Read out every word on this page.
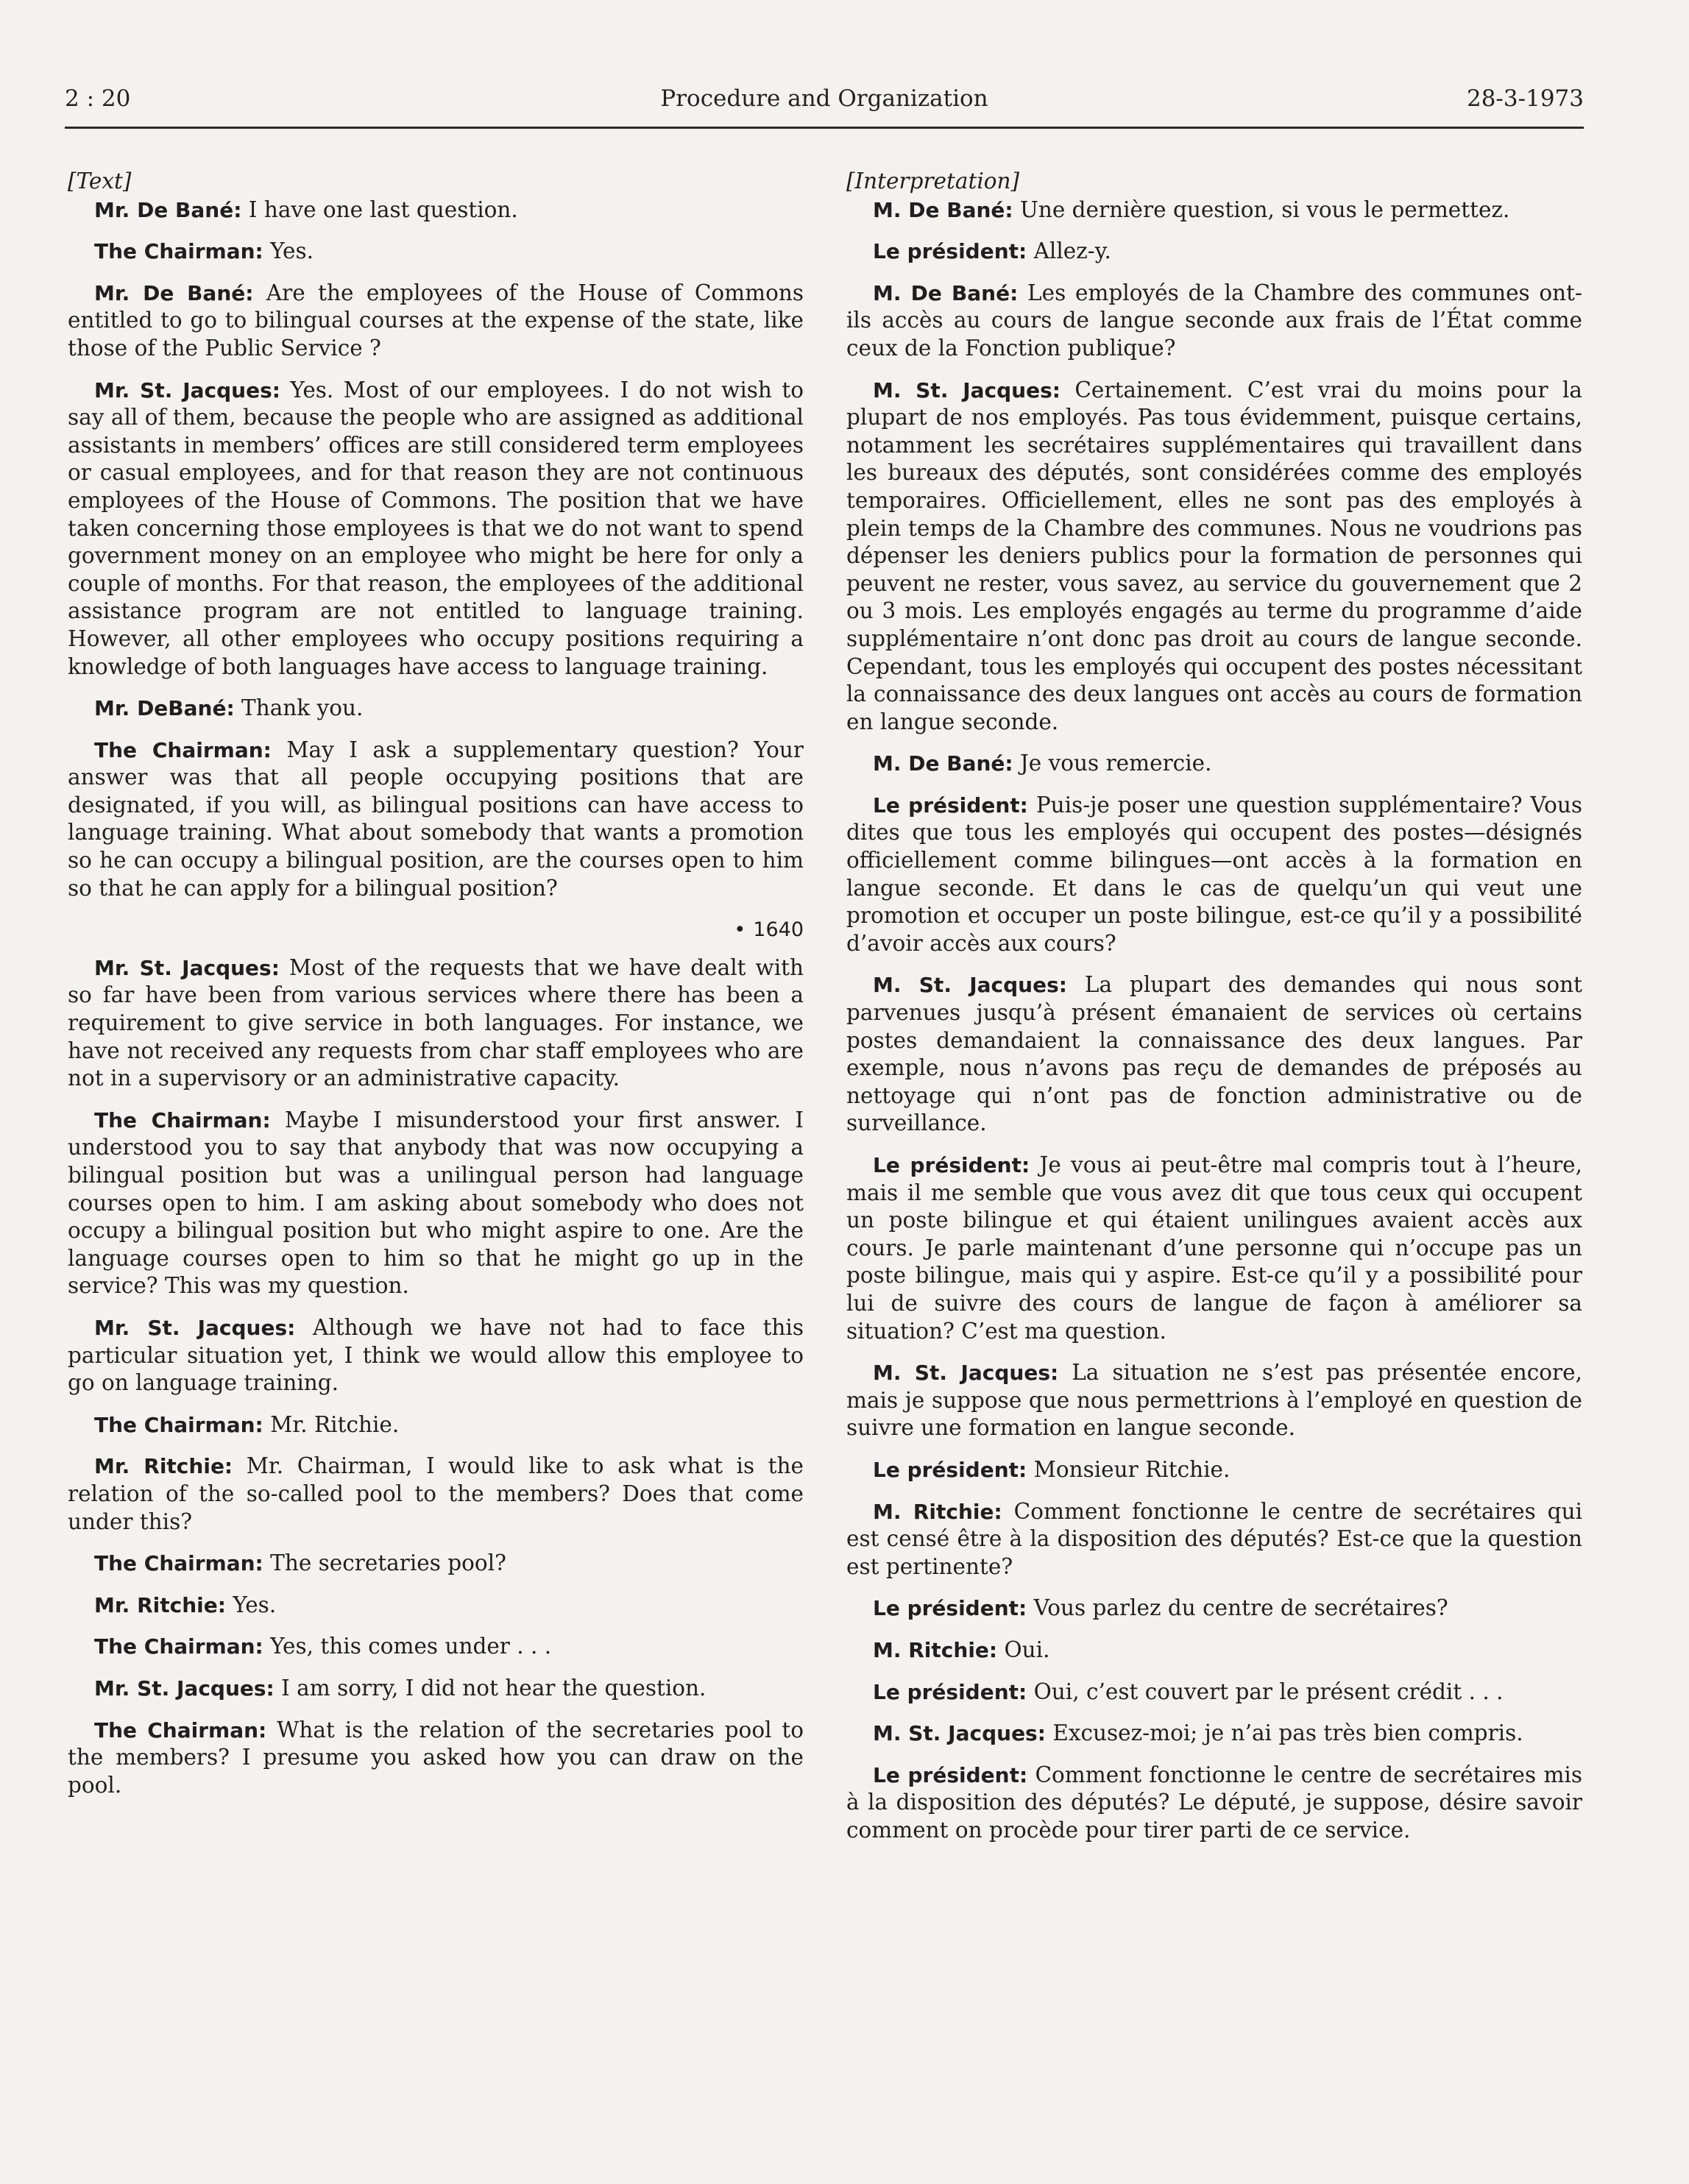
2 : 20	Procedure and Organization	28-3-1973
[Text]

Mr. De Bané: I have one last question.

The Chairman: Yes.

Mr. De Bané: Are the employees of the House of Commons entitled to go to bilingual courses at the expense of the state, like those of the Public Service ?

Mr. St. Jacques: Yes. Most of our employees. I do not wish to say all of them, because the people who are assigned as additional assistants in members’ offices are still considered term employees or casual employees, and for that reason they are not continuous employees of the House of Commons. The position that we have taken concerning those employees is that we do not want to spend government money on an employee who might be here for only a couple of months. For that reason, the employees of the additional assistance program are not entitled to language training. However, all other employees who occupy positions requiring a knowledge of both languages have access to language training.

Mr. DeBané: Thank you.

The Chairman: May I ask a supplementary question? Your answer was that all people occupying positions that are designated, if you will, as bilingual positions can have access to language training. What about somebody that wants a promotion so he can occupy a bilingual position, are the courses open to him so that he can apply for a bilingual position?

• 1640

Mr. St. Jacques: Most of the requests that we have dealt with so far have been from various services where there has been a requirement to give service in both languages. For instance, we have not received any requests from char staff employees who are not in a supervisory or an administrative capacity.

The Chairman: Maybe I misunderstood your first answer. I understood you to say that anybody that was now occupying a bilingual position but was a unilingual person had language courses open to him. I am asking about somebody who does not occupy a bilingual position but who might aspire to one. Are the language courses open to him so that he might go up in the service? This was my question.

Mr. St. Jacques: Although we have not had to face this particular situation yet, I think we would allow this employee to go on language training.

The Chairman: Mr. Ritchie.

Mr. Ritchie: Mr. Chairman, I would like to ask what is the relation of the so-called pool to the members? Does that come under this?

The Chairman: The secretaries pool?

Mr. Ritchie: Yes.

The Chairman: Yes, this comes under . . .

Mr. St. Jacques: I am sorry, I did not hear the question.

The Chairman: What is the relation of the secretaries pool to the members? I presume you asked how you can draw on the pool.

[Interpretation]

M. De Bané: Une dernière question, si vous le permettez.

Le président: Allez-y.

M. De Bané: Les employés de la Chambre des communes ont-ils accès au cours de langue seconde aux frais de l’État comme ceux de la Fonction publique?

M. St. Jacques: Certainement. C’est vrai du moins pour la plupart de nos employés. Pas tous évidemment, puisque certains, notamment les secrétaires supplémentaires qui travaillent dans les bureaux des députés, sont considérées comme des employés temporaires. Officiellement, elles ne sont pas des employés à plein temps de la Chambre des communes. Nous ne voudrions pas dépenser les deniers publics pour la formation de personnes qui peuvent ne rester, vous savez, au service du gouvernement que 2 ou 3 mois. Les employés engagés au terme du programme d’aide supplémentaire n’ont donc pas droit au cours de langue seconde. Cependant, tous les employés qui occupent des postes nécessitant la connaissance des deux langues ont accès au cours de formation en langue seconde.

M. De Bané: Je vous remercie.

Le président: Puis-je poser une question supplémentaire? Vous dites que tous les employés qui occupent des postes—désignés officiellement comme bilingues—ont accès à la formation en langue seconde. Et dans le cas de quelqu’un qui veut une promotion et occuper un poste bilingue, est-ce qu’il y a possibilité d’avoir accès aux cours?

M. St. Jacques: La plupart des demandes qui nous sont parvenues jusqu’à présent émanaient de services où certains postes demandaient la connaissance des deux langues. Par exemple, nous n’avons pas reçu de demandes de préposés au nettoyage qui n’ont pas de fonction administrative ou de surveillance.

Le président: Je vous ai peut-être mal compris tout à l’heure, mais il me semble que vous avez dit que tous ceux qui occupent un poste bilingue et qui étaient unilingues avaient accès aux cours. Je parle maintenant d’une personne qui n’occupe pas un poste bilingue, mais qui y aspire. Est-ce qu’il y a possibilité pour lui de suivre des cours de langue de façon à améliorer sa situation? C’est ma question.

M. St. Jacques: La situation ne s’est pas présentée encore, mais je suppose que nous permettrions à l’employé en question de suivre une formation en langue seconde.

Le président: Monsieur Ritchie.

M. Ritchie: Comment fonctionne le centre de secrétaires qui est censé être à la disposition des députés? Est-ce que la question est pertinente?

Le président: Vous parlez du centre de secrétaires?

M. Ritchie: Oui.

Le président: Oui, c’est couvert par le présent crédit . . .

M. St. Jacques: Excusez-moi; je n’ai pas très bien compris.

Le président: Comment fonctionne le centre de secrétaires mis à la disposition des députés? Le député, je suppose, désire savoir comment on procède pour tirer parti de ce service.
